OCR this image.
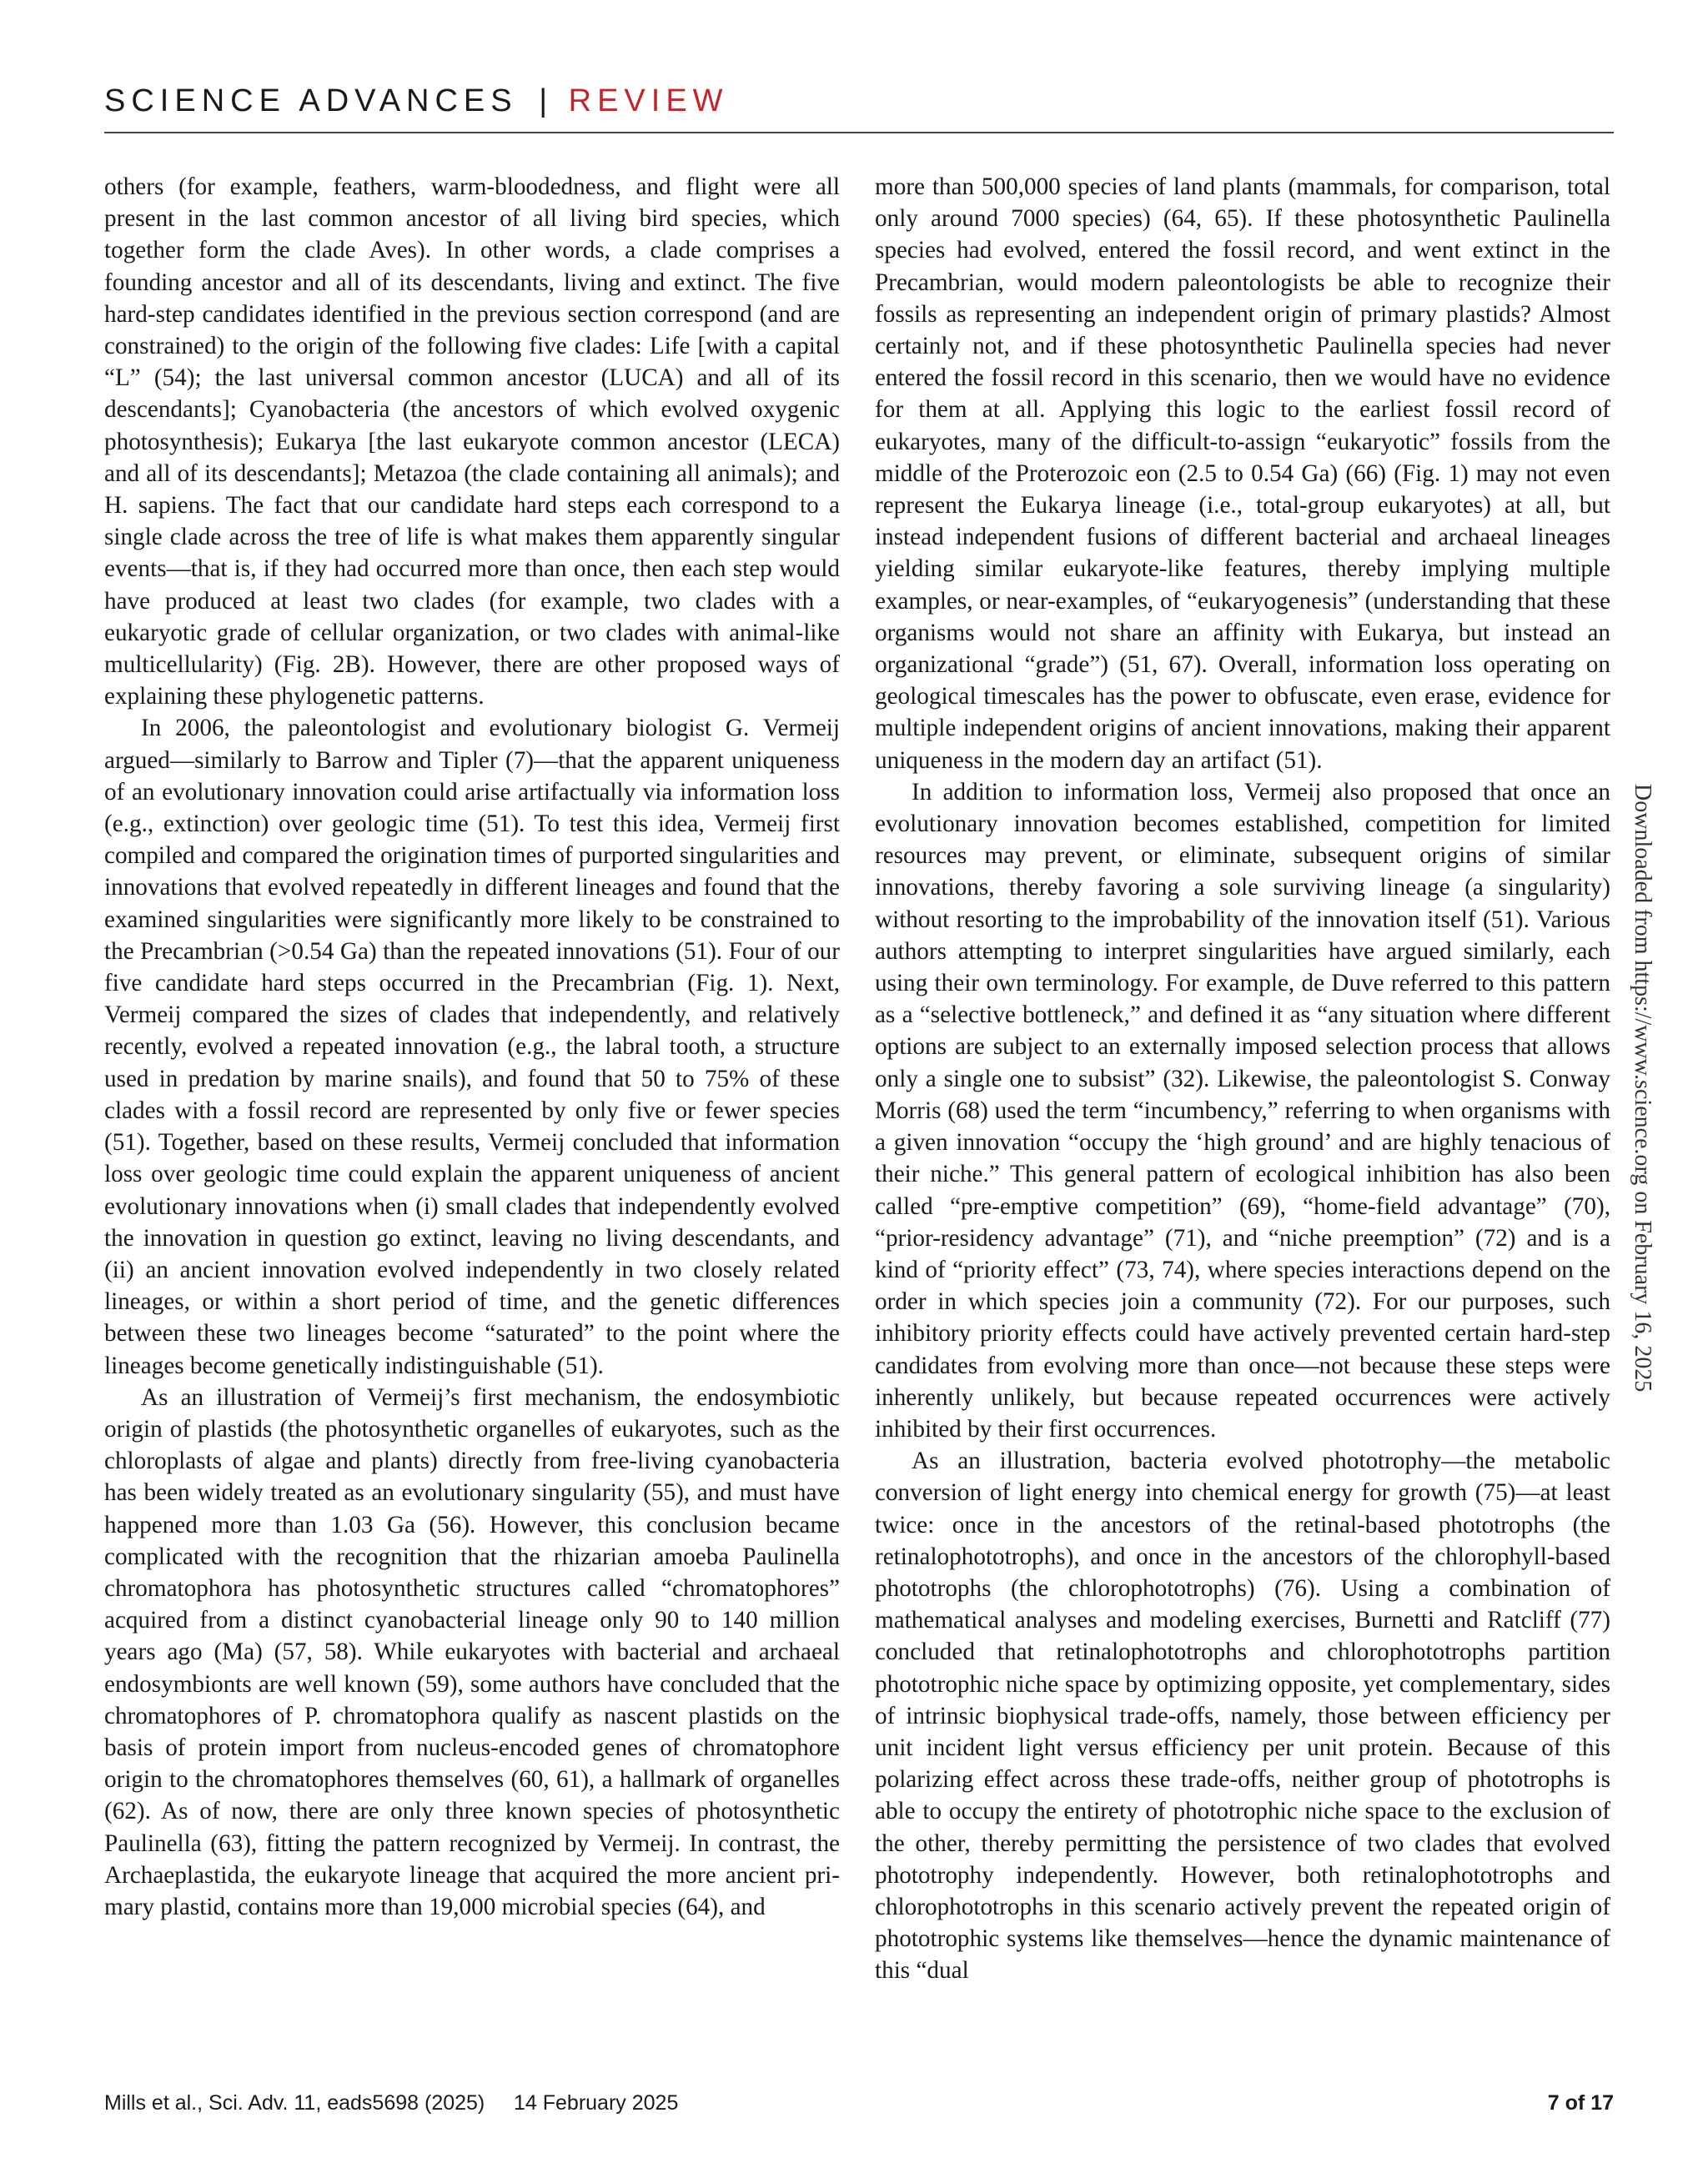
SCIENCE ADVANCES | REVIEW

others (for example, feathers, warm-bloodedness, and flight were all present in the last common ancestor of all living bird species, which together form the clade Aves). In other words, a clade comprises a founding ancestor and all of its descendants, living and extinct. The five hard-step candidates identified in the previous section correspond (and are constrained) to the origin of the following five clades: Life [with a capital “L” (54); the last universal common ancestor (LUCA) and all of its descendants]; Cyanobacteria (the ancestors of which evolved oxygenic photosynthesis); Eukarya [the last eukaryote common ancestor (LECA) and all of its descendants]; Metazoa (the clade containing all animals); and H. sapiens. The fact that our candidate hard steps each correspond to a single clade across the tree of life is what makes them apparently singular events—that is, if they had occurred more than once, then each step would have produced at least two clades (for example, two clades with a eukaryotic grade of cellular organization, or two clades with animal-like multicellularity) (Fig. 2B). However, there are other proposed ways of explaining these phylogenetic patterns.

In 2006, the paleontologist and evolutionary biologist G. Vermeij argued—similarly to Barrow and Tipler (7)—that the apparent uniqueness of an evolutionary innovation could arise artifactually via information loss (e.g., extinction) over geologic time (51). To test this idea, Vermeij first compiled and compared the origination times of purported singularities and innovations that evolved repeatedly in different lineages and found that the examined singularities were significantly more likely to be constrained to the Precambrian (>0.54 Ga) than the repeated innovations (51). Four of our five candidate hard steps occurred in the Precambrian (Fig. 1). Next, Vermeij compared the sizes of clades that independently, and relatively recently, evolved a repeated innovation (e.g., the labral tooth, a structure used in predation by marine snails), and found that 50 to 75% of these clades with a fossil record are represented by only five or fewer species (51). Together, based on these results, Vermeij concluded that information loss over geologic time could explain the apparent uniqueness of ancient evolutionary innovations when (i) small clades that independently evolved the innovation in question go extinct, leaving no living descendants, and (ii) an ancient innovation evolved independently in two closely related lineages, or within a short period of time, and the genetic differences between these two lineages become “saturated” to the point where the lineages become genetically indistinguishable (51).

As an illustration of Vermeij’s first mechanism, the endosymbiotic origin of plastids (the photosynthetic organelles of eukaryotes, such as the chloroplasts of algae and plants) directly from free-living cyanobacteria has been widely treated as an evolutionary singularity (55), and must have happened more than 1.03 Ga (56). However, this conclusion became complicated with the recognition that the rhizarian amoeba Paulinella chromatophora has photosynthetic structures called “chromatophores” acquired from a distinct cyanobacterial lineage only 90 to 140 million years ago (Ma) (57, 58). While eukaryotes with bacterial and archaeal endosymbionts are well known (59), some authors have concluded that the chromatophores of P. chromatophora qualify as nascent plastids on the basis of protein import from nucleus-encoded genes of chromatophore origin to the chromatophores themselves (60, 61), a hallmark of organelles (62). As of now, there are only three known species of photosynthetic Paulinella (63), fitting the pattern recognized by Vermeij. In contrast, the Archaeplastida, the eukaryote lineage that acquired the more ancient primary plastid, contains more than 19,000 microbial species (64), and

more than 500,000 species of land plants (mammals, for comparison, total only around 7000 species) (64, 65). If these photosynthetic Paulinella species had evolved, entered the fossil record, and went extinct in the Precambrian, would modern paleontologists be able to recognize their fossils as representing an independent origin of primary plastids? Almost certainly not, and if these photosynthetic Paulinella species had never entered the fossil record in this scenario, then we would have no evidence for them at all. Applying this logic to the earliest fossil record of eukaryotes, many of the difficult-to-assign “eukaryotic” fossils from the middle of the Proterozoic eon (2.5 to 0.54 Ga) (66) (Fig. 1) may not even represent the Eukarya lineage (i.e., total-group eukaryotes) at all, but instead independent fusions of different bacterial and archaeal lineages yielding similar eukaryote-like features, thereby implying multiple examples, or near-examples, of “eukaryogenesis” (understanding that these organisms would not share an affinity with Eukarya, but instead an organizational “grade”) (51, 67). Overall, information loss operating on geological timescales has the power to obfuscate, even erase, evidence for multiple independent origins of ancient innovations, making their apparent uniqueness in the modern day an artifact (51).

In addition to information loss, Vermeij also proposed that once an evolutionary innovation becomes established, competition for limited resources may prevent, or eliminate, subsequent origins of similar innovations, thereby favoring a sole surviving lineage (a singularity) without resorting to the improbability of the innovation itself (51). Various authors attempting to interpret singularities have argued similarly, each using their own terminology. For example, de Duve referred to this pattern as a “selective bottleneck,” and defined it as “any situation where different options are subject to an externally imposed selection process that allows only a single one to subsist” (32). Likewise, the paleontologist S. Conway Morris (68) used the term “incumbency,” referring to when organisms with a given innovation “occupy the ‘high ground’ and are highly tenacious of their niche.” This general pattern of ecological inhibition has also been called “pre-emptive competition” (69), “home-field advantage” (70), “prior-residency advantage” (71), and “niche preemption” (72) and is a kind of “priority effect” (73, 74), where species interactions depend on the order in which species join a community (72). For our purposes, such inhibitory priority effects could have actively prevented certain hard-step candidates from evolving more than once—not because these steps were inherently unlikely, but because repeated occurrences were actively inhibited by their first occurrences.

As an illustration, bacteria evolved phototrophy—the metabolic conversion of light energy into chemical energy for growth (75)—at least twice: once in the ancestors of the retinal-based phototrophs (the retinalophototrophs), and once in the ancestors of the chlorophyll-based phototrophs (the chlorophototrophs) (76). Using a combination of mathematical analyses and modeling exercises, Burnetti and Ratcliff (77) concluded that retinalophototrophs and chlorophototrophs partition phototrophic niche space by optimizing opposite, yet complementary, sides of intrinsic biophysical trade-offs, namely, those between efficiency per unit incident light versus efficiency per unit protein. Because of this polarizing effect across these trade-offs, neither group of phototrophs is able to occupy the entirety of phototrophic niche space to the exclusion of the other, thereby permitting the persistence of two clades that evolved phototrophy independently. However, both retinalophototrophs and chlorophototrophs in this scenario actively prevent the repeated origin of phototrophic systems like themselves—hence the dynamic maintenance of this “dual

Downloaded from https://www.science.org on February 16, 2025
Mills et al., Sci. Adv. 11, eads5698 (2025)     14 February 2025	7 of 17
